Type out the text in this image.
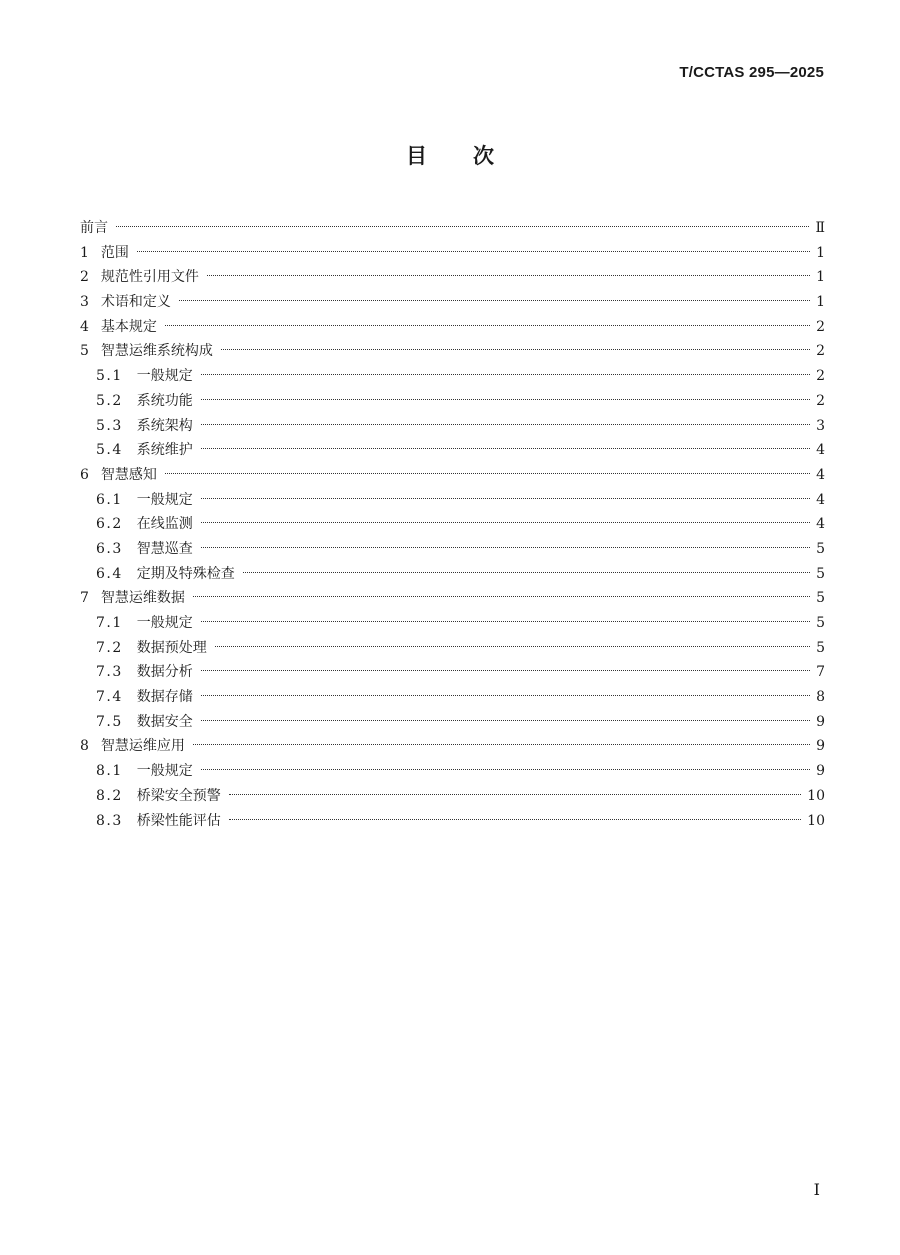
T/CCTAS 295—2025
目次
前言	Ⅱ
1 范围	1
2 规范性引用文件	1
3 术语和定义	1
4 基本规定	2
5 智慧运维系统构成	2
5.1 一般规定	2
5.2 系统功能	2
5.3 系统架构	3
5.4 系统维护	4
6 智慧感知	4
6.1 一般规定	4
6.2 在线监测	4
6.3 智慧巡查	5
6.4 定期及特殊检查	5
7 智慧运维数据	5
7.1 一般规定	5
7.2 数据预处理	5
7.3 数据分析	7
7.4 数据存储	8
7.5 数据安全	9
8 智慧运维应用	9
8.1 一般规定	9
8.2 桥梁安全预警	10
8.3 桥梁性能评估	10
I
